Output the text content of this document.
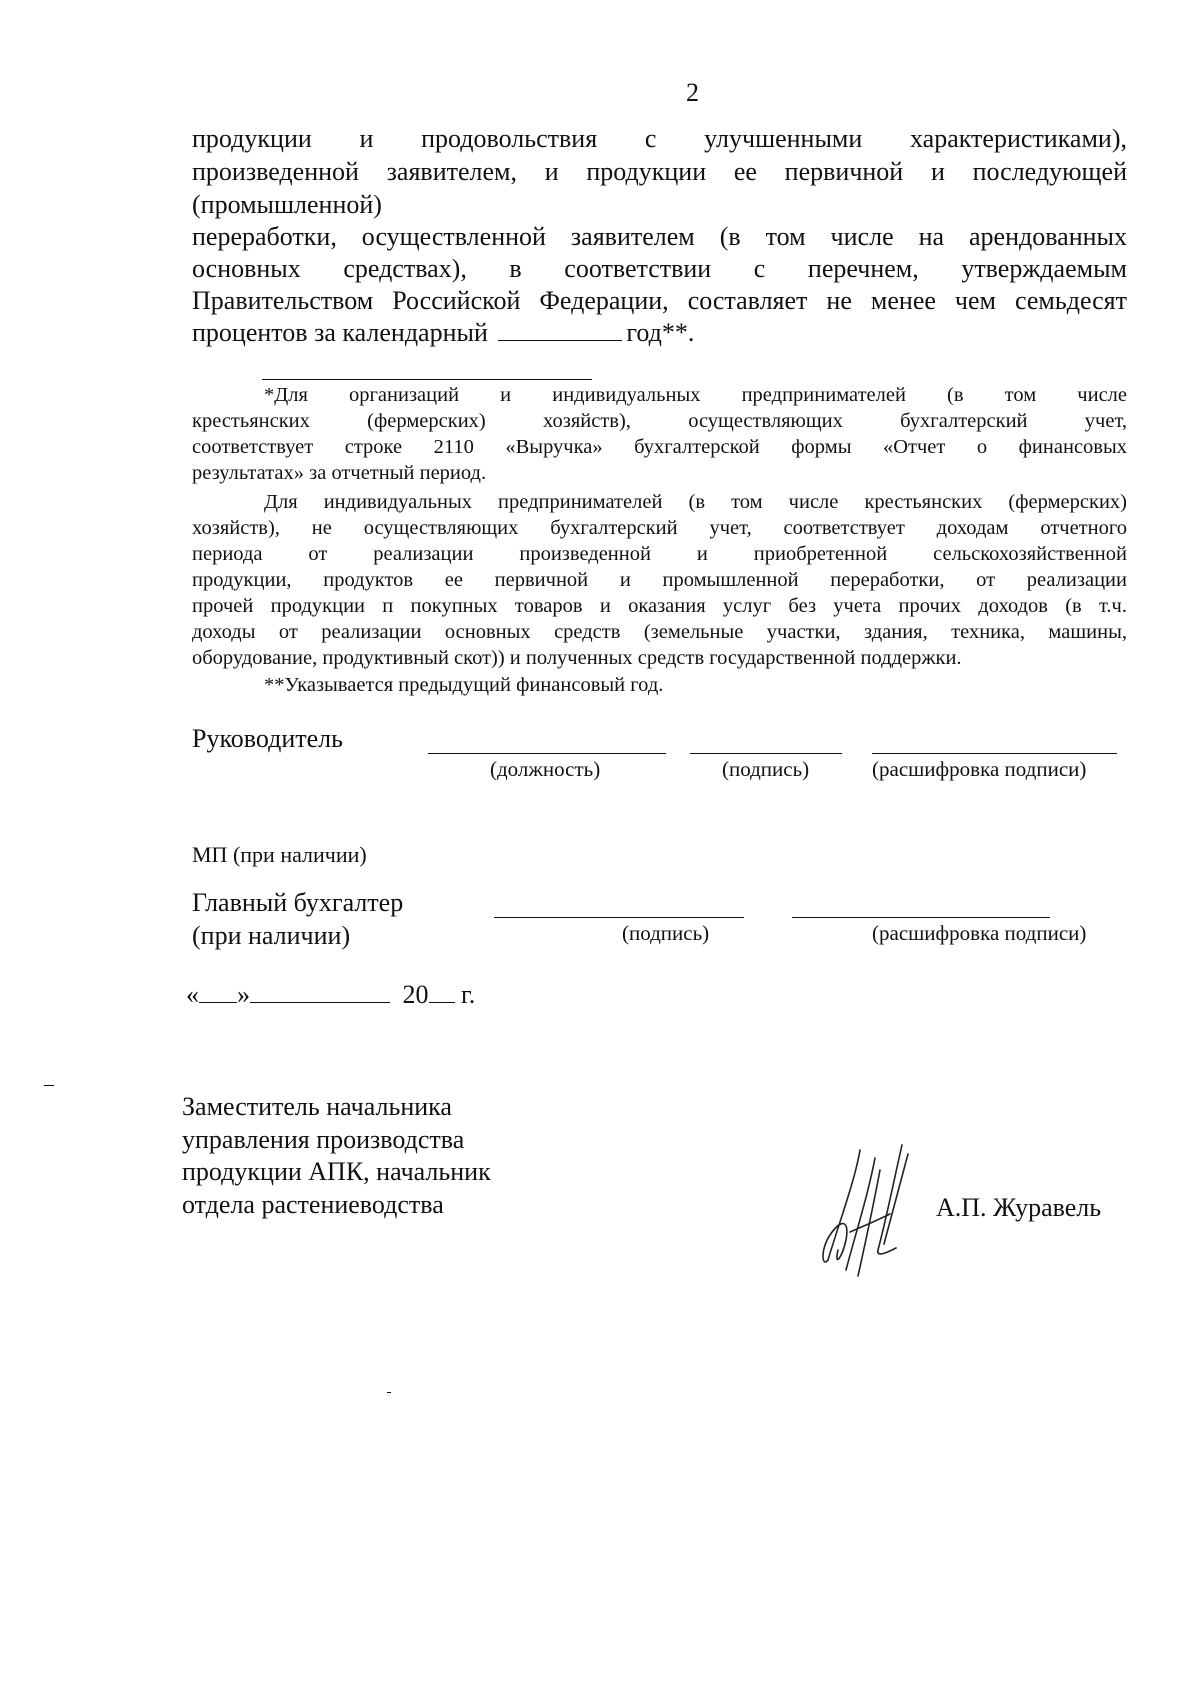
2
продукции и продовольствия с улучшенными характеристиками),
произведенной заявителем, и продукции ее первичной и последующей
(промышленной)
переработки, осуществленной заявителем (в том числе на арендованных
основных средствах), в соответствии с перечнем, утверждаемым
Правительством Российской Федерации, составляет не менее чем семьдесят
процентов за календарный	год**.
*Для организаций и индивидуальных предпринимателей (в том числе
крестьянских (фермерских) хозяйств), осуществляющих бухгалтерский учет,
соответствует строке 2110 «Выручка» бухгалтерской формы «Отчет о финансовых
результатах» за отчетный период.
Для индивидуальных предпринимателей (в том числе крестьянских (фермерских)
хозяйств), не осуществляющих бухгалтерский учет, соответствует доходам отчетного
периода от реализации произведенной и приобретенной сельскохозяйственной
продукции, продуктов ее первичной и промышленной переработки, от реализации
прочей продукции п покупных товаров и оказания услуг без учета прочих доходов (в т.ч.
доходы от реализации основных средств (земельные участки, здания, техника, машины,
оборудование, продуктивный скот)) и полученных средств государственной поддержки.
**Указывается предыдущий финансовый год.
Руководитель
(должность)	(подпись)	(расшифровка подписи)
МП (при наличии)
Главный бухгалтер
(при наличии)	(подпись)	(расшифровка подписи)
« »	20 г.
Заместитель начальника
управления производства
продукции АПК, начальник
отдела растениеводства	А.П. Журавель
